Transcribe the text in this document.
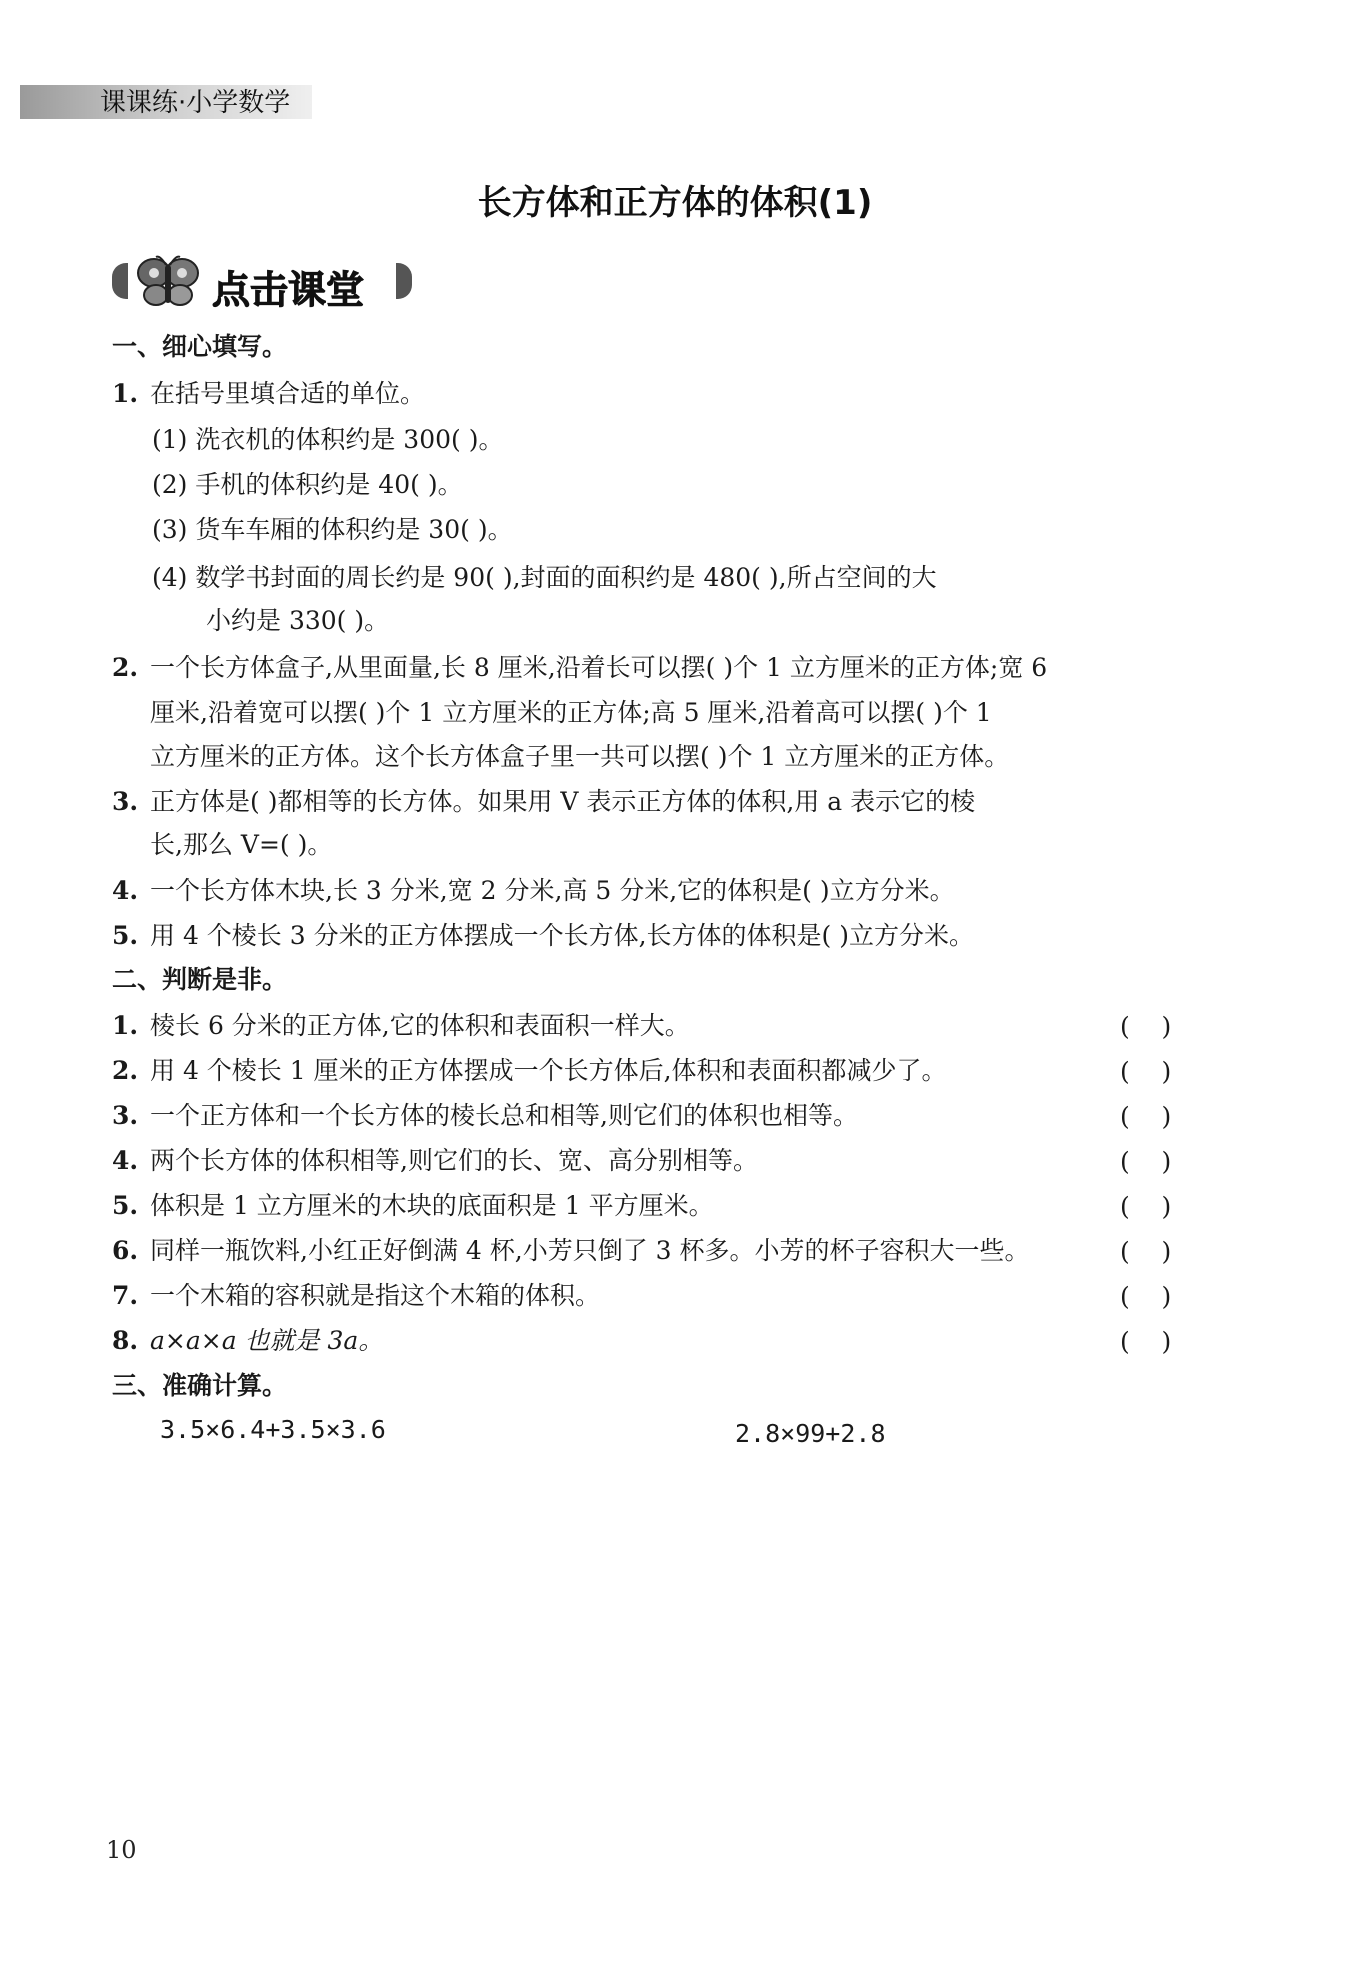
课课练·小学数学
长方体和正方体的体积(1)
点击课堂
一、细心填写。
1. 在括号里填合适的单位。
(1) 洗衣机的体积约是 300( )。
(2) 手机的体积约是 40( )。
(3) 货车车厢的体积约是 30( )。
(4) 数学书封面的周长约是 90( ),封面的面积约是 480( ),所占空间的大
小约是 330( )。
2. 一个长方体盒子,从里面量,长 8 厘米,沿着长可以摆( )个 1 立方厘米的正方体;宽 6
厘米,沿着宽可以摆( )个 1 立方厘米的正方体;高 5 厘米,沿着高可以摆( )个 1
立方厘米的正方体。这个长方体盒子里一共可以摆( )个 1 立方厘米的正方体。
3. 正方体是( )都相等的长方体。如果用 V 表示正方体的体积,用 a 表示它的棱
长,那么 V=( )。
4. 一个长方体木块,长 3 分米,宽 2 分米,高 5 分米,它的体积是( )立方分米。
5. 用 4 个棱长 3 分米的正方体摆成一个长方体,长方体的体积是( )立方分米。
二、判断是非。
1. 棱长 6 分米的正方体,它的体积和表面积一样大。	(    )
2. 用 4 个棱长 1 厘米的正方体摆成一个长方体后,体积和表面积都减少了。	(    )
3. 一个正方体和一个长方体的棱长总和相等,则它们的体积也相等。	(    )
4. 两个长方体的体积相等,则它们的长、宽、高分别相等。	(    )
5. 体积是 1 立方厘米的木块的底面积是 1 平方厘米。	(    )
6. 同样一瓶饮料,小红正好倒满 4 杯,小芳只倒了 3 杯多。小芳的杯子容积大一些。	(    )
7. 一个木箱的容积就是指这个木箱的体积。	(    )
8. a×a×a 也就是 3a。	(    )
三、准确计算。
3.5×6.4+3.5×3.6	2.8×99+2.8
10
